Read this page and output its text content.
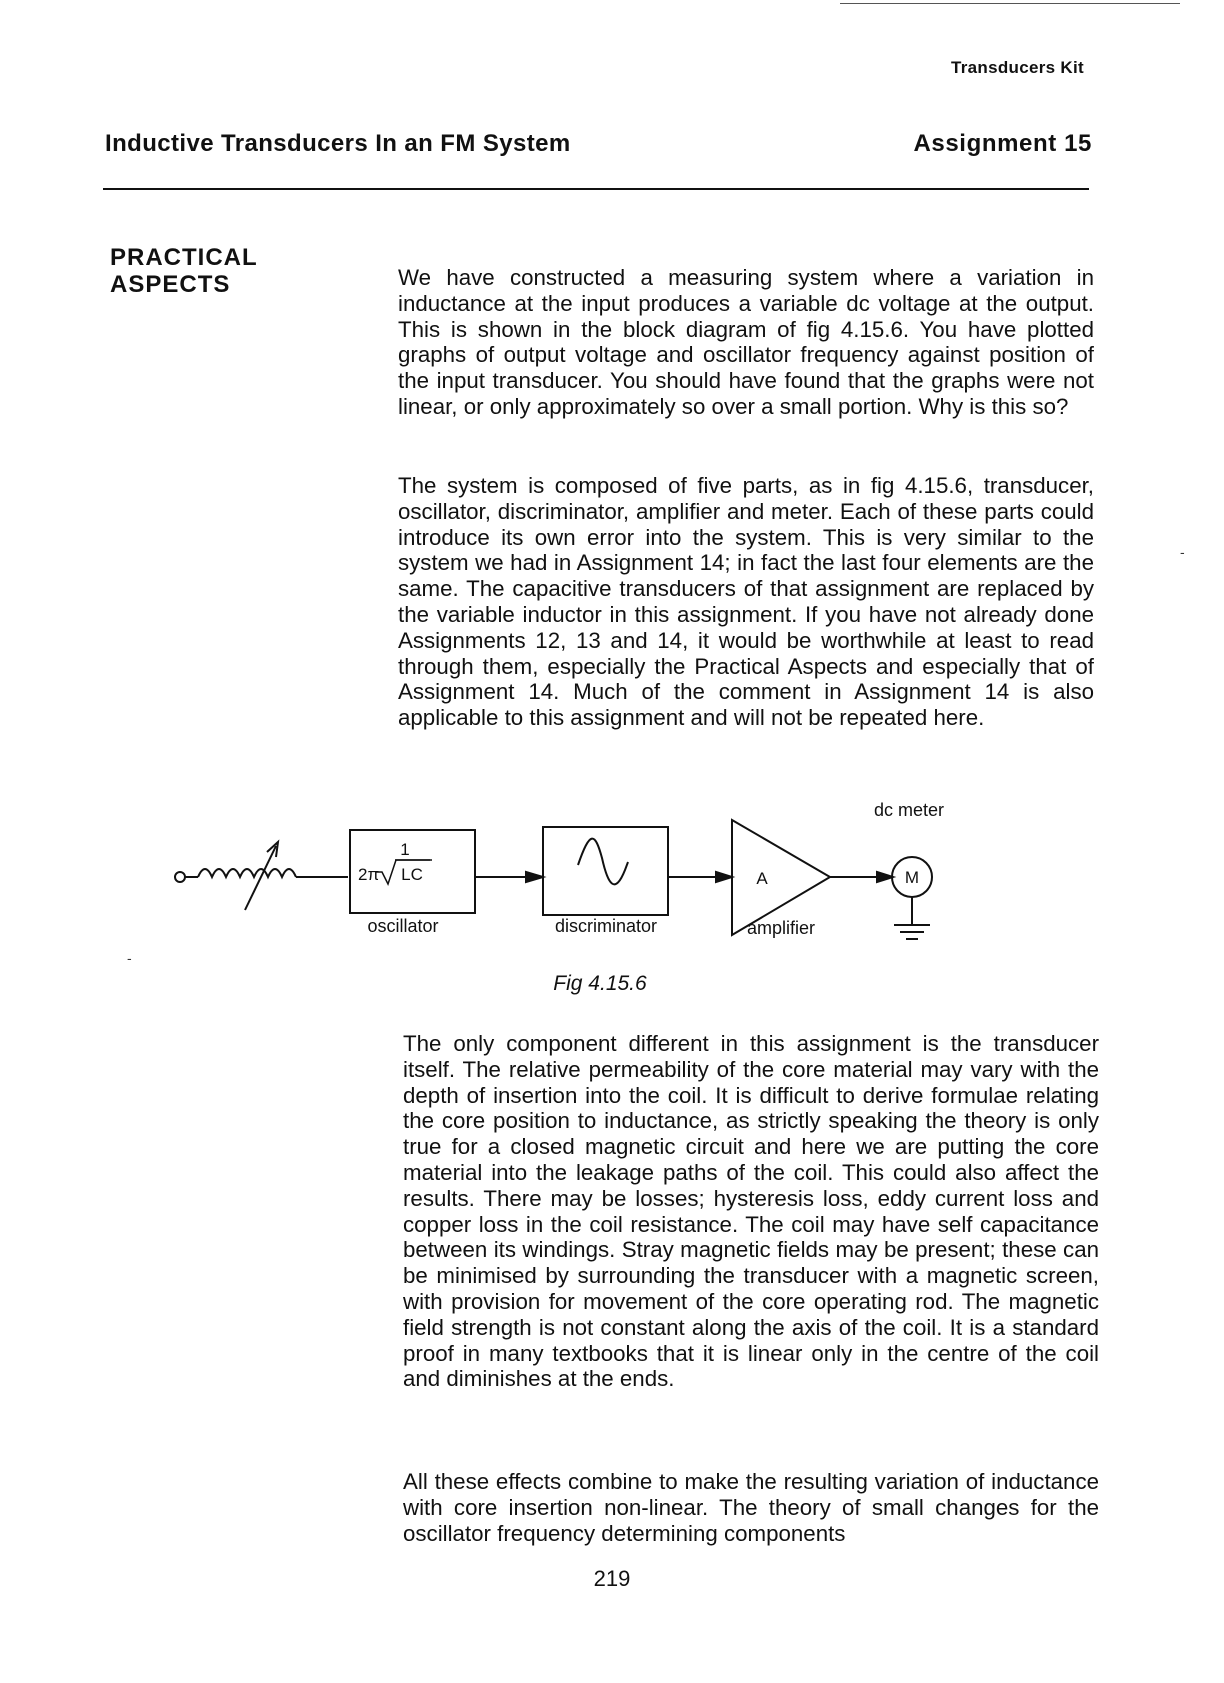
Transducers Kit
Inductive Transducers In an FM System	Assignment 15
PRACTICAL
ASPECTS	We have constructed a measuring system where a variation in inductance at the input produces a variable dc voltage at the output. This is shown in the block diagram of fig 4.15.6. You have plotted graphs of output voltage and oscillator frequency against position of the input transducer. You should have found that the graphs were not linear, or only approximately so over a small portion. Why is this so?

The system is composed of five parts, as in fig 4.15.6, transducer, oscillator, discriminator, amplifier and meter. Each of these parts could introduce its own error into the system. This is very similar to the system we had in Assignment 14; in fact the last four elements are the same. The capacitive transducers of that assignment are replaced by the variable inductor in this assignment. If you have not already done Assignments 12, 13 and 14, it would be worthwhile at least to read through them, especially the Practical Aspects and especially that of Assignment 14. Much of the comment in Assignment 14 is also applicable to this assignment and will not be repeated here.

1
2π LC
oscillator	discriminator
A
amplifier
M
dc meter
Fig 4.15.6

The only component different in this assignment is the transducer itself. The relative permeability of the core material may vary with the depth of insertion into the coil. It is difficult to derive formulae relating the core position to inductance, as strictly speaking the theory is only true for a closed magnetic circuit and here we are putting the core material into the leakage paths of the coil. This could also affect the results. There may be losses; hysteresis loss, eddy current loss and copper loss in the coil resistance. The coil may have self capacitance between its windings. Stray magnetic fields may be present; these can be minimised by surrounding the transducer with a magnetic screen, with provision for movement of the core operating rod. The magnetic field strength is not constant along the axis of the coil. It is a standard proof in many textbooks that it is linear only in the centre of the coil and diminishes at the ends.

All these effects combine to make the resulting variation of inductance with core insertion non-linear. The theory of small changes for the oscillator frequency determining components

219
-
-
